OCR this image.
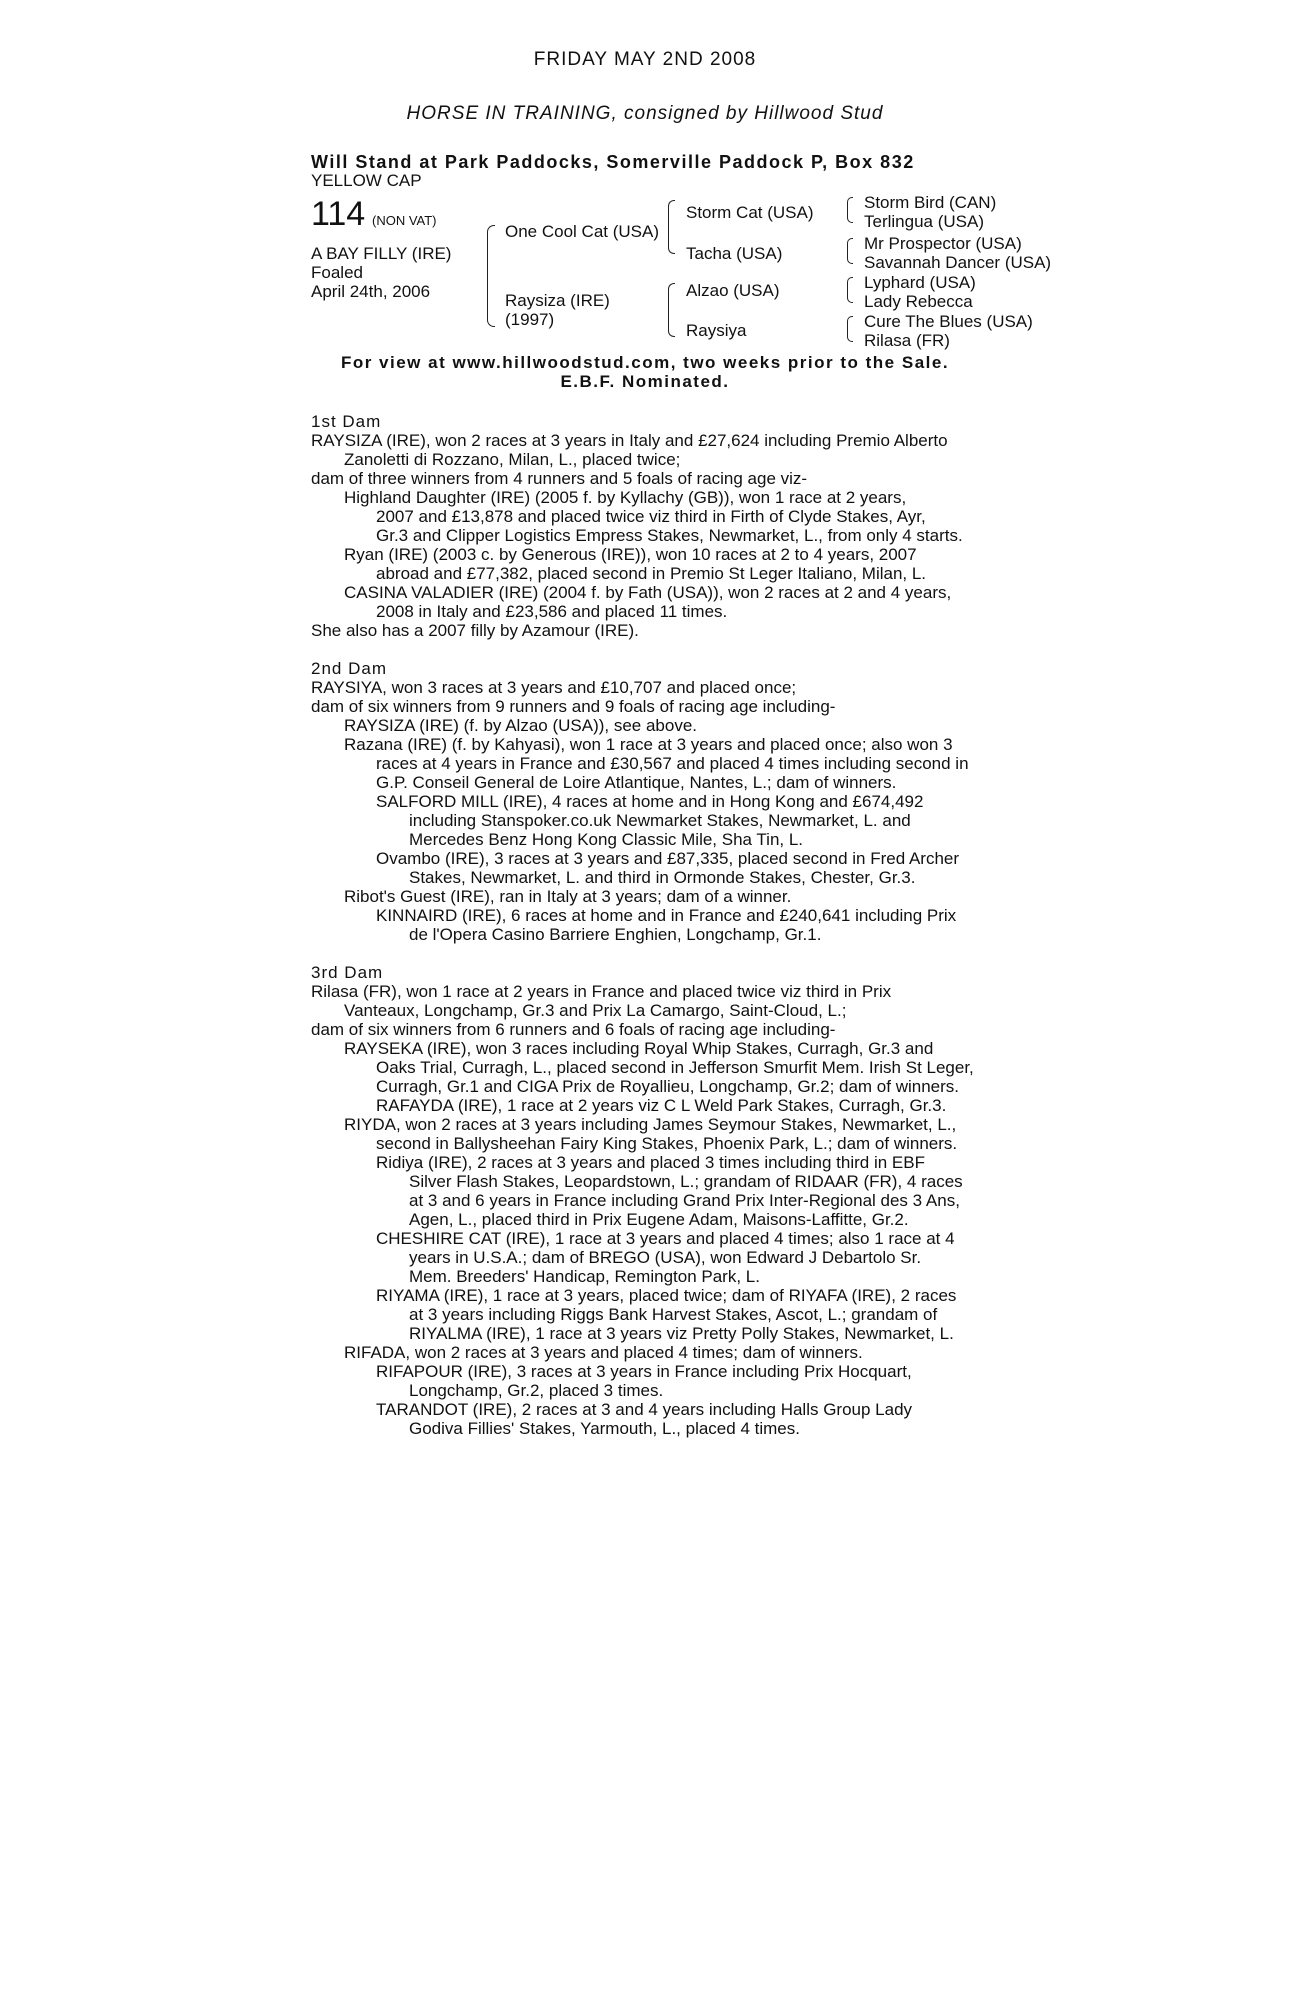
FRIDAY MAY 2ND 2008
HORSE IN TRAINING, consigned by Hillwood Stud
Will Stand at Park Paddocks, Somerville Paddock P, Box 832
YELLOW CAP
114 (NON VAT)
A BAY FILLY (IRE)
Foaled
April 24th, 2006
One Cool Cat (USA)
Raysiza (IRE)
(1997)
Storm Cat (USA)
Tacha (USA)
Alzao (USA)
Raysiya
Storm Bird (CAN)
Terlingua (USA)
Mr Prospector (USA)
Savannah Dancer (USA)
Lyphard (USA)
Lady Rebecca
Cure The Blues (USA)
Rilasa (FR)
For view at www.hillwoodstud.com, two weeks prior to the Sale.
E.B.F. Nominated.
1st Dam
RAYSIZA (IRE), won 2 races at 3 years in Italy and £27,624 including Premio Alberto
Zanoletti di Rozzano, Milan, L., placed twice;
dam of three winners from 4 runners and 5 foals of racing age viz-
Highland Daughter (IRE) (2005 f. by Kyllachy (GB)), won 1 race at 2 years,
2007 and £13,878 and placed twice viz third in Firth of Clyde Stakes, Ayr,
Gr.3 and Clipper Logistics Empress Stakes, Newmarket, L., from only 4 starts.
Ryan (IRE) (2003 c. by Generous (IRE)), won 10 races at 2 to 4 years, 2007
abroad and £77,382, placed second in Premio St Leger Italiano, Milan, L.
CASINA VALADIER (IRE) (2004 f. by Fath (USA)), won 2 races at 2 and 4 years,
2008 in Italy and £23,586 and placed 11 times.
She also has a 2007 filly by Azamour (IRE).
2nd Dam
RAYSIYA, won 3 races at 3 years and £10,707 and placed once;
dam of six winners from 9 runners and 9 foals of racing age including-
RAYSIZA (IRE) (f. by Alzao (USA)), see above.
Razana (IRE) (f. by Kahyasi), won 1 race at 3 years and placed once; also won 3
races at 4 years in France and £30,567 and placed 4 times including second in
G.P. Conseil General de Loire Atlantique, Nantes, L.; dam of winners.
SALFORD MILL (IRE), 4 races at home and in Hong Kong and £674,492
including Stanspoker.co.uk Newmarket Stakes, Newmarket, L. and
Mercedes Benz Hong Kong Classic Mile, Sha Tin, L.
Ovambo (IRE), 3 races at 3 years and £87,335, placed second in Fred Archer
Stakes, Newmarket, L. and third in Ormonde Stakes, Chester, Gr.3.
Ribot's Guest (IRE), ran in Italy at 3 years; dam of a winner.
KINNAIRD (IRE), 6 races at home and in France and £240,641 including Prix
de l'Opera Casino Barriere Enghien, Longchamp, Gr.1.
3rd Dam
Rilasa (FR), won 1 race at 2 years in France and placed twice viz third in Prix
Vanteaux, Longchamp, Gr.3 and Prix La Camargo, Saint-Cloud, L.;
dam of six winners from 6 runners and 6 foals of racing age including-
RAYSEKA (IRE), won 3 races including Royal Whip Stakes, Curragh, Gr.3 and
Oaks Trial, Curragh, L., placed second in Jefferson Smurfit Mem. Irish St Leger,
Curragh, Gr.1 and CIGA Prix de Royallieu, Longchamp, Gr.2; dam of winners.
RAFAYDA (IRE), 1 race at 2 years viz C L Weld Park Stakes, Curragh, Gr.3.
RIYDA, won 2 races at 3 years including James Seymour Stakes, Newmarket, L.,
second in Ballysheehan Fairy King Stakes, Phoenix Park, L.; dam of winners.
Ridiya (IRE), 2 races at 3 years and placed 3 times including third in EBF
Silver Flash Stakes, Leopardstown, L.; grandam of RIDAAR (FR), 4 races
at 3 and 6 years in France including Grand Prix Inter-Regional des 3 Ans,
Agen, L., placed third in Prix Eugene Adam, Maisons-Laffitte, Gr.2.
CHESHIRE CAT (IRE), 1 race at 3 years and placed 4 times; also 1 race at 4
years in U.S.A.; dam of BREGO (USA), won Edward J Debartolo Sr.
Mem. Breeders' Handicap, Remington Park, L.
RIYAMA (IRE), 1 race at 3 years, placed twice; dam of RIYAFA (IRE), 2 races
at 3 years including Riggs Bank Harvest Stakes, Ascot, L.; grandam of
RIYALMA (IRE), 1 race at 3 years viz Pretty Polly Stakes, Newmarket, L.
RIFADA, won 2 races at 3 years and placed 4 times; dam of winners.
RIFAPOUR (IRE), 3 races at 3 years in France including Prix Hocquart,
Longchamp, Gr.2, placed 3 times.
TARANDOT (IRE), 2 races at 3 and 4 years including Halls Group Lady
Godiva Fillies' Stakes, Yarmouth, L., placed 4 times.
